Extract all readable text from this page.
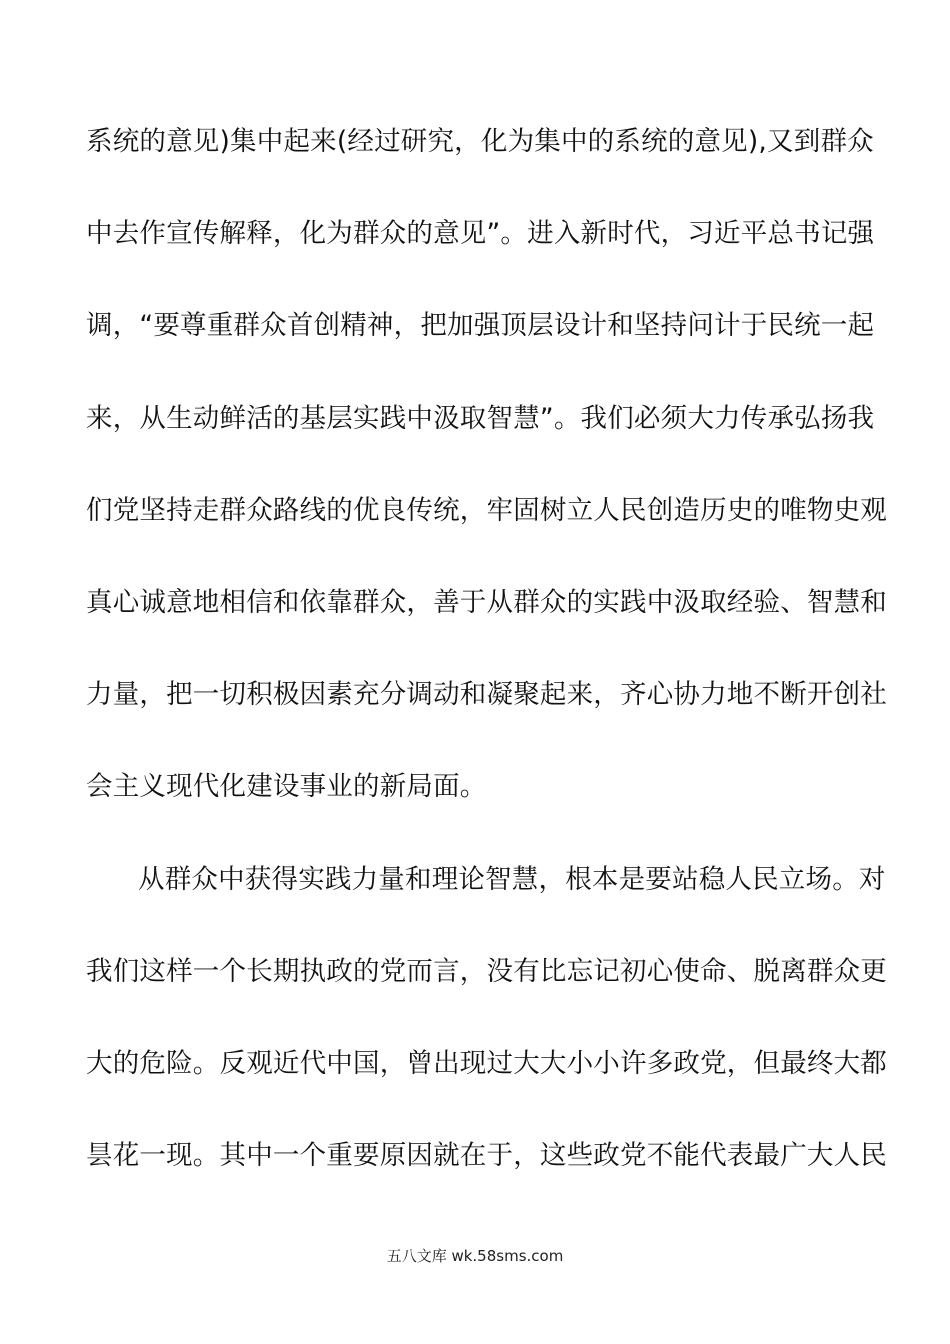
系统的意见)集中起来(经过研究，化为集中的系统的意见),又到群众
中去作宣传解释，化为群众的意见”。进入新时代，习近平总书记强
调，“要尊重群众首创精神，把加强顶层设计和坚持问计于民统一起
来，从生动鲜活的基层实践中汲取智慧”。我们必须大力传承弘扬我
们党坚持走群众路线的优良传统，牢固树立人民创造历史的唯物史观
真心诚意地相信和依靠群众，善于从群众的实践中汲取经验、智慧和
力量，把一切积极因素充分调动和凝聚起来，齐心协力地不断开创社
会主义现代化建设事业的新局面。
从群众中获得实践力量和理论智慧，根本是要站稳人民立场。对
我们这样一个长期执政的党而言，没有比忘记初心使命、脱离群众更
大的危险。反观近代中国，曾出现过大大小小许多政党，但最终大都
昙花一现。其中一个重要原因就在于，这些政党不能代表最广大人民
五八文库 wk.58sms.com
